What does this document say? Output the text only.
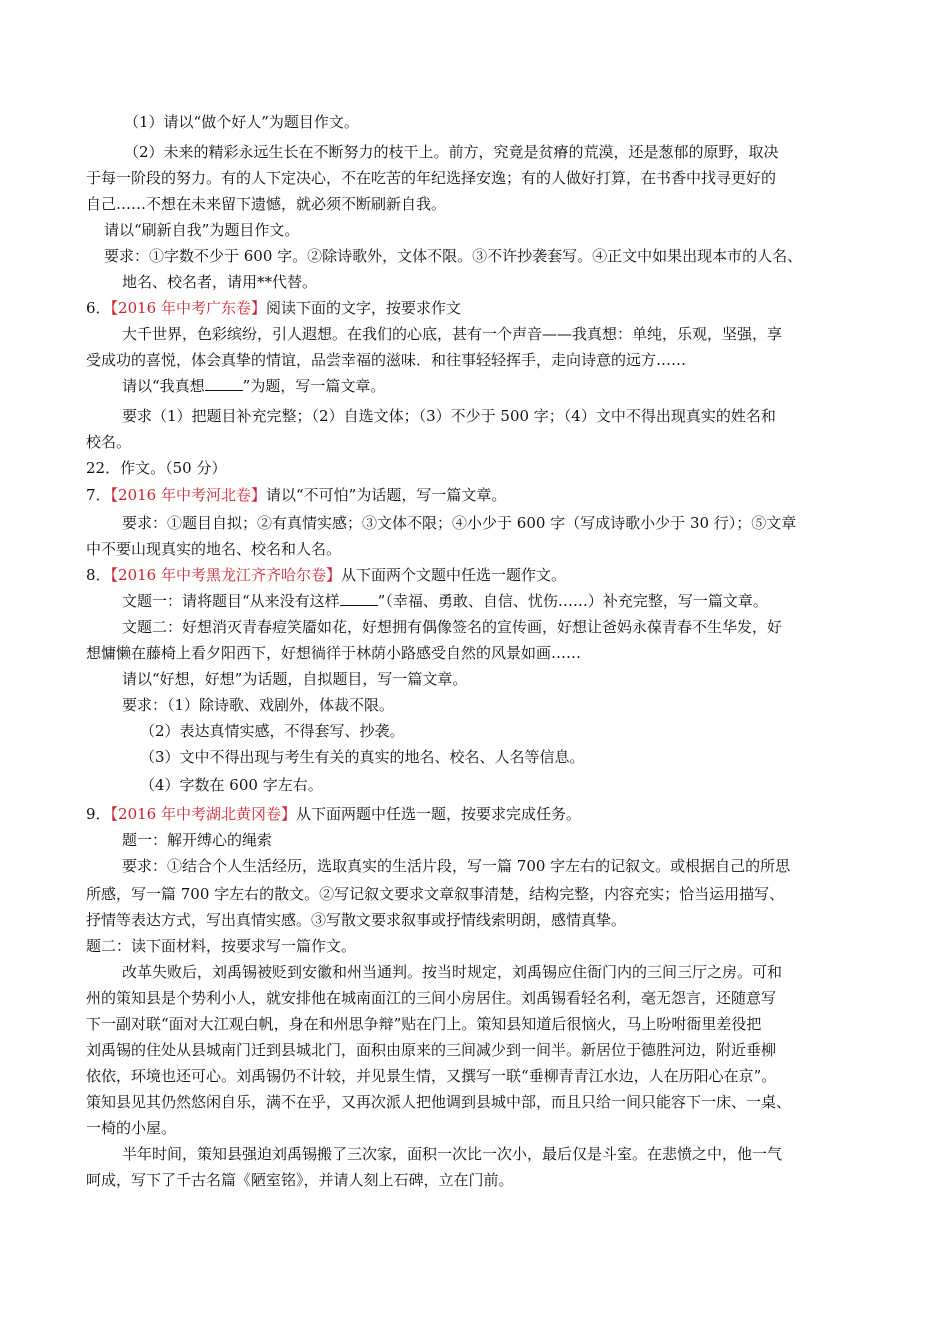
（1）请以“做个好人”为题目作文。
（2）未来的精彩永远生长在不断努力的枝干上。前方，究竟是贫瘠的荒漠，还是葱郁的原野，取决
于每一阶段的努力。有的人下定决心，不在吃苦的年纪选择安逸；有的人做好打算，在书香中找寻更好的
自己……不想在未来留下遗憾，就必须不断刷新自我。
请以“刷新自我”为题目作文。
要求：①字数不少于 600 字。②除诗歌外，文体不限。③不许抄袭套写。④正文中如果出现本市的人名、
地名、校名者，请用**代替。
6．【2016 年中考广东卷】阅读下面的文字，按要求作文
大千世界，色彩缤纷，引人遐想。在我们的心底，甚有一个声音——我真想：单纯，乐观，坚强，享
受成功的喜悦，体会真挚的情谊，品尝幸福的滋味．和往事轻轻挥手，走向诗意的远方……
请以“我真想	”为题，写一篇文章。
要求（1）把题目补充完整；（2）自选文体；（3）不少于 500 字；（4）文中不得出现真实的姓名和
校名。
22．作文。（50 分）
7．【2016 年中考河北卷】请以“不可怕”为话题，写一篇文章。
要求：①题目自拟；②有真情实感；③文体不限；④小少于 600 字（写成诗歌小少于 30 行）；⑤文章
中不要山现真实的地名、校名和人名。
8．【2016 年中考黑龙江齐齐哈尔卷】从下面两个文题中任选一题作文。
文题一：请将题目“从来没有这样	”（幸福、勇敢、自信、忧伤……）补充完整，写一篇文章。
文题二：好想消灭青春痘笑靥如花，好想拥有偶像签名的宣传画，好想让爸妈永葆青春不生华发，好
想慵懒在藤椅上看夕阳西下，好想徜徉于林荫小路感受自然的风景如画……
请以“好想，好想”为话题，自拟题目，写一篇文章。
要求：（1）除诗歌、戏剧外，体裁不限。
（2）表达真情实感，不得套写、抄袭。
（3）文中不得出现与考生有关的真实的地名、校名、人名等信息。
（4）字数在 600 字左右。
9．【2016 年中考湖北黄冈卷】从下面两题中任选一题，按要求完成任务。
题一：解开缚心的绳索
要求：①结合个人生活经历，选取真实的生活片段，写一篇 700 字左右的记叙文。或根据自己的所思
所感，写一篇 700 字左右的散文。②写记叙文要求文章叙事清楚，结构完整，内容充实；恰当运用描写、
抒情等表达方式，写出真情实感。③写散文要求叙事或抒情线索明朗，感情真挚。
题二：读下面材料，按要求写一篇作文。
改革失败后，刘禹锡被贬到安徽和州当通判。按当时规定，刘禹锡应住衙门内的三间三厅之房。可和
州的策知县是个势利小人，就安排他在城南面江的三间小房居住。刘禹锡看轻名利，毫无怨言，还随意写
下一副对联“面对大江观白帆，身在和州思争辩”贴在门上。策知县知道后很恼火，马上吩咐衙里差役把
刘禹锡的住处从县城南门迁到县城北门，面积由原来的三间减少到一间半。新居位于德胜河边，附近垂柳
依依，环境也还可心。刘禹锡仍不计较，并见景生情，又撰写一联“垂柳青青江水边，人在历阳心在京”。
策知县见其仍然悠闲自乐，满不在乎，又再次派人把他调到县城中部，而且只给一间只能容下一床、一桌、
一椅的小屋。
半年时间，策知县强迫刘禹锡搬了三次家，面积一次比一次小，最后仅是斗室。在悲愤之中，他一气
呵成，写下了千古名篇《陋室铭》，并请人刻上石碑，立在门前。
